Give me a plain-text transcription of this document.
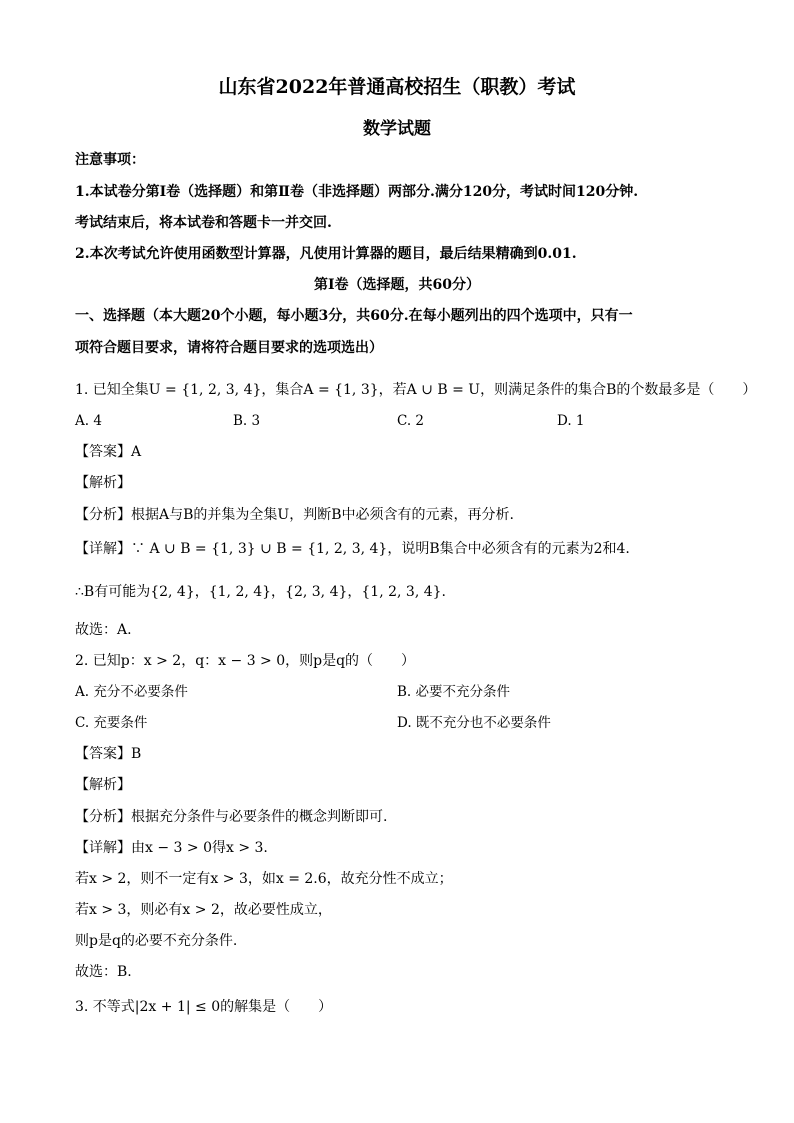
山东省2022年普通高校招生（职教）考试
数学试题
注意事项：
1.本试卷分第Ⅰ卷（选择题）和第Ⅱ卷（非选择题）两部分.满分120分，考试时间120分钟.
考试结束后，将本试卷和答题卡一并交回.
2.本次考试允许使用函数型计算器，凡使用计算器的题目，最后结果精确到0.01.
第Ⅰ卷（选择题，共60分）
一、选择题（本大题20个小题，每小题3分，共60分.在每小题列出的四个选项中，只有一
项符合题目要求，请将符合题目要求的选项选出）
1. 已知全集U = {1, 2, 3, 4}，集合A = {1, 3}，若A ∪ B = U，则满足条件的集合B的个数最多是（　　）
A. 4	B. 3	C. 2	D. 1
【答案】A
【解析】
【分析】根据A与B的并集为全集U，判断B中必须含有的元素，再分析.
【详解】∵ A ∪ B = {1, 3} ∪ B = {1, 2, 3, 4}，说明B集合中必须含有的元素为2和4.
∴B有可能为{2, 4}，{1, 2, 4}，{2, 3, 4}，{1, 2, 3, 4}.
故选：A.
2. 已知p：x > 2，q：x − 3 > 0，则p是q的（　　）
A. 充分不必要条件	B. 必要不充分条件
C. 充要条件	D. 既不充分也不必要条件
【答案】B
【解析】
【分析】根据充分条件与必要条件的概念判断即可.
【详解】由x − 3 > 0得x > 3.
若x > 2，则不一定有x > 3，如x = 2.6，故充分性不成立；
若x > 3，则必有x > 2，故必要性成立，
则p是q的必要不充分条件.
故选：B.
3. 不等式|2x + 1| ≤ 0的解集是（　　）
